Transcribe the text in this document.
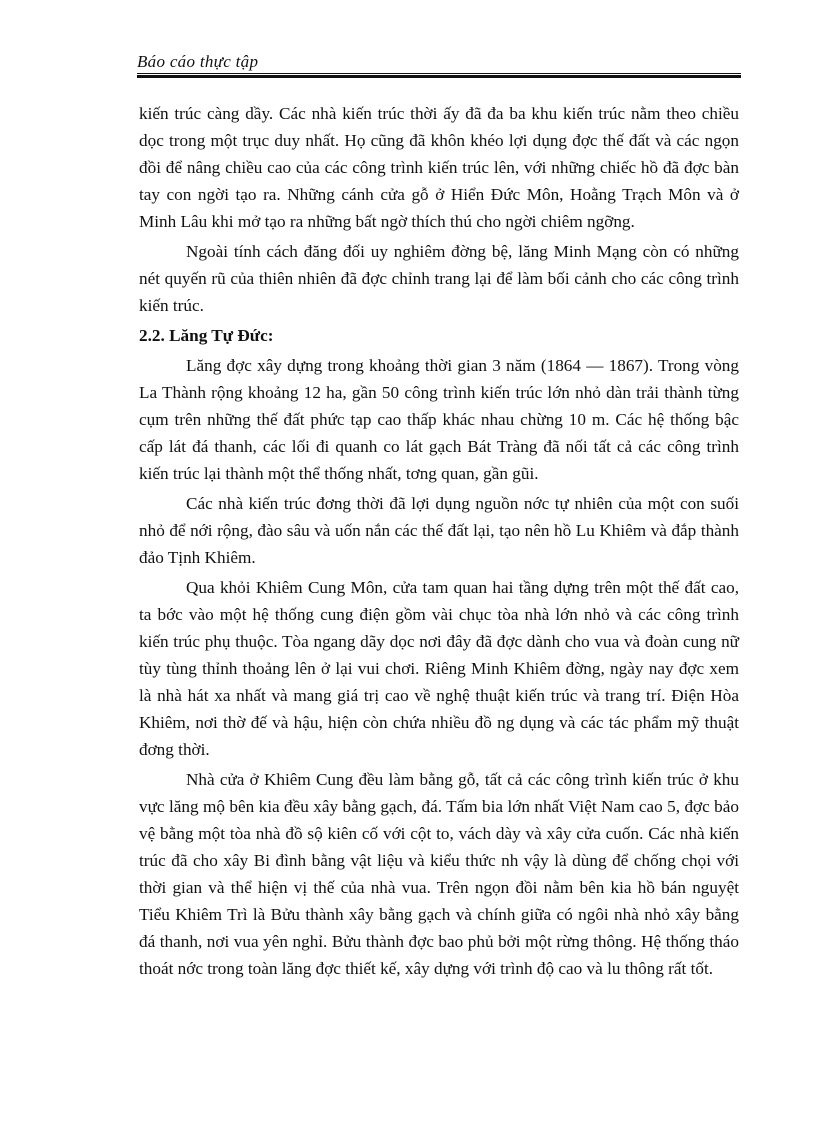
Báo cáo thực tập

kiến trúc càng dầy. Các nhà kiến trúc thời ấy đã đa ba khu kiến trúc nằm theo chiều dọc trong một trục duy nhất. Họ cũng đã khôn khéo lợi dụng đợc thế đất và các ngọn đồi để nâng chiều cao của các công trình kiến trúc lên, với những chiếc hồ đã đợc bàn tay con ngời tạo ra. Những cánh cửa gỗ ở Hiển Đức Môn, Hoằng Trạch Môn và ở Minh Lâu khi mở tạo ra những bất ngờ thích thú cho ngời chiêm ngỡng.

Ngoài tính cách đăng đối uy nghiêm đờng bệ, lăng Minh Mạng còn có những nét quyến rũ của thiên nhiên đã đợc chỉnh trang lại để làm bối cảnh cho các công trình kiến trúc.

2.2. Lăng Tự Đức:

Lăng đợc xây dựng trong khoảng thời gian 3 năm (1864 — 1867). Trong vòng La Thành rộng khoảng 12 ha, gần 50 công trình kiến trúc lớn nhỏ dàn trải thành từng cụm trên những thế đất phức tạp cao thấp khác nhau chừng 10 m. Các hệ thống bậc cấp lát đá thanh, các lối đi quanh co lát gạch Bát Tràng đã nối tất cả các công trình kiến trúc lại thành một thể thống nhất, tơng quan, gần gũi.

Các nhà kiến trúc đơng thời đã lợi dụng nguồn nớc tự nhiên của một con suối nhỏ để nới rộng, đào sâu và uốn nắn các thế đất lại, tạo nên hồ Lu Khiêm và đắp thành đảo Tịnh Khiêm.

Qua khỏi Khiêm Cung Môn, cửa tam quan hai tầng dựng trên một thế đất cao, ta bớc vào một hệ thống cung điện gồm vài chục tòa nhà lớn nhỏ và các công trình kiến trúc phụ thuộc. Tòa ngang dãy dọc nơi đây đã đợc dành cho vua và đoàn cung nữ tùy tùng thỉnh thoảng lên ở lại vui chơi. Riêng Minh Khiêm đờng, ngày nay đợc xem là nhà hát xa nhất và mang giá trị cao về nghệ thuật kiến trúc và trang trí. Điện Hòa Khiêm, nơi thờ đế và hậu, hiện còn chứa nhiều đồ ng dụng và các tác phẩm mỹ thuật đơng thời.

Nhà cửa ở Khiêm Cung đều làm bằng gỗ, tất cả các công trình kiến trúc ở khu vực lăng mộ bên kia đều xây bằng gạch, đá. Tấm bia lớn nhất Việt Nam cao 5, đợc bảo vệ bằng một tòa nhà đồ sộ kiên cố với cột to, vách dày và xây cửa cuốn. Các nhà kiến trúc đã cho xây Bi đình bằng vật liệu và kiểu thức nh vậy là dùng để chống chọi với thời gian và thể hiện vị thế của nhà vua. Trên ngọn đồi nằm bên kia hồ bán nguyệt Tiểu Khiêm Trì là Bửu thành xây bằng gạch và chính giữa có ngôi nhà nhỏ xây bằng đá thanh, nơi vua yên nghỉ. Bửu thành đợc bao phủ bởi một rừng thông. Hệ thống tháo thoát nớc trong toàn lăng đợc thiết kế, xây dựng với trình độ cao và lu thông rất tốt.
